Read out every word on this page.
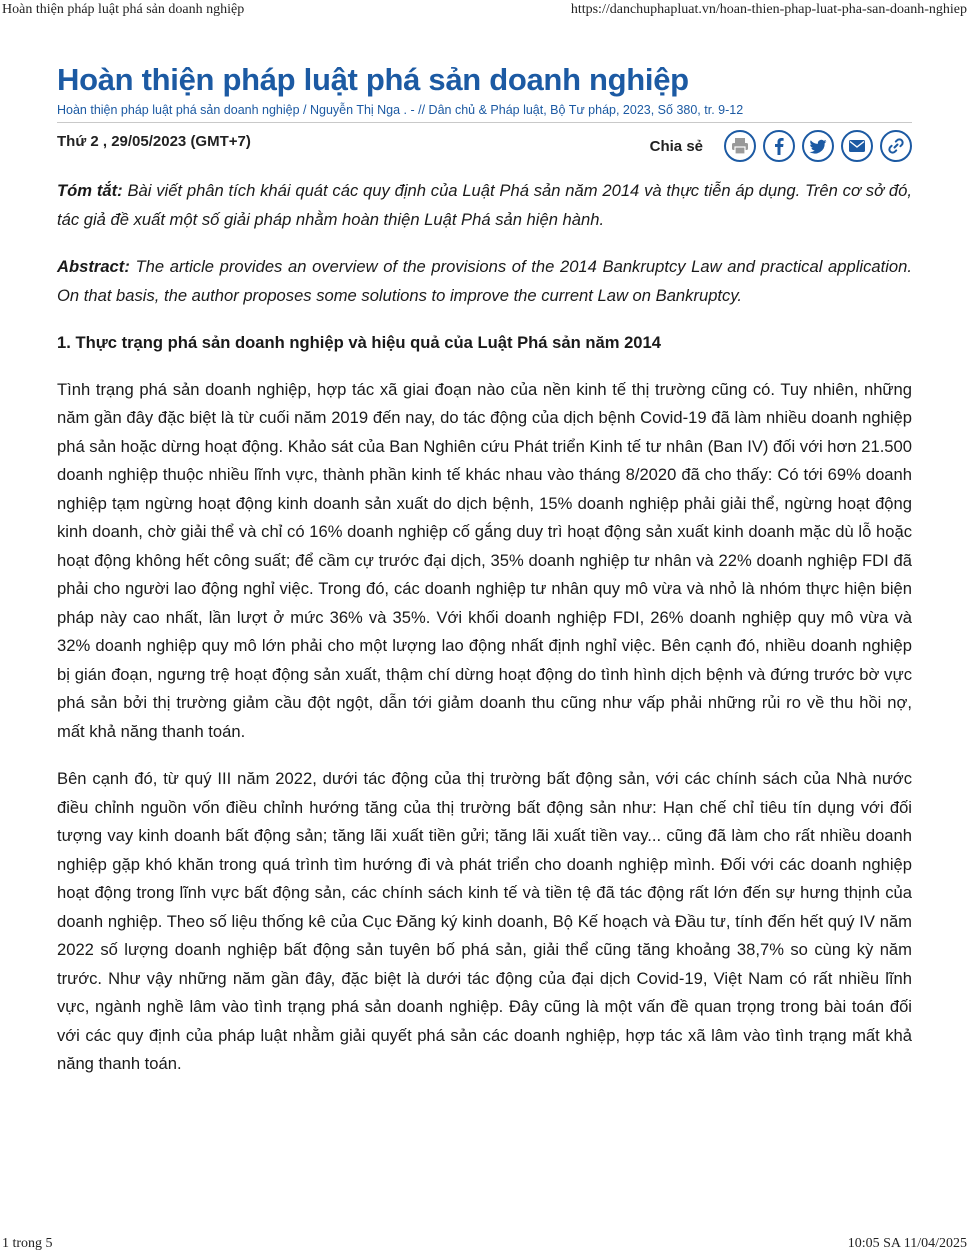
Hoàn thiện pháp luật phá sản doanh nghiệp	https://danchuphapluat.vn/hoan-thien-phap-luat-pha-san-doanh-nghiep
Hoàn thiện pháp luật phá sản doanh nghiệp
Hoàn thiện pháp luật phá sản doanh nghiệp / Nguyễn Thị Nga . - // Dân chủ & Pháp luật, Bộ Tư pháp, 2023, Số 380, tr. 9-12
Thứ 2 , 29/05/2023 (GMT+7)	Chia sẻ

Tóm tắt: Bài viết phân tích khái quát các quy định của Luật Phá sản năm 2014 và thực tiễn áp dụng. Trên cơ sở đó, tác giả đề xuất một số giải pháp nhằm hoàn thiện Luật Phá sản hiện hành.

Abstract: The article provides an overview of the provisions of the 2014 Bankruptcy Law and practical application. On that basis, the author proposes some solutions to improve the current Law on Bankruptcy.

1. Thực trạng phá sản doanh nghiệp và hiệu quả của Luật Phá sản năm 2014

Tình trạng phá sản doanh nghiệp, hợp tác xã giai đoạn nào của nền kinh tế thị trường cũng có. Tuy nhiên, những năm gần đây đặc biệt là từ cuối năm 2019 đến nay, do tác động của dịch bệnh Covid-19 đã làm nhiều doanh nghiệp phá sản hoặc dừng hoạt động. Khảo sát của Ban Nghiên cứu Phát triển Kinh tế tư nhân (Ban IV) đối với hơn 21.500 doanh nghiệp thuộc nhiều lĩnh vực, thành phần kinh tế khác nhau vào tháng 8/2020 đã cho thấy: Có tới 69% doanh nghiệp tạm ngừng hoạt động kinh doanh sản xuất do dịch bệnh, 15% doanh nghiệp phải giải thể, ngừng hoạt động kinh doanh, chờ giải thể và chỉ có 16% doanh nghiệp cố gắng duy trì hoạt động sản xuất kinh doanh mặc dù lỗ hoặc hoạt động không hết công suất; để cầm cự trước đại dịch, 35% doanh nghiệp tư nhân và 22% doanh nghiệp FDI đã phải cho người lao động nghỉ việc. Trong đó, các doanh nghiệp tư nhân quy mô vừa và nhỏ là nhóm thực hiện biện pháp này cao nhất, lần lượt ở mức 36% và 35%. Với khối doanh nghiệp FDI, 26% doanh nghiệp quy mô vừa và 32% doanh nghiệp quy mô lớn phải cho một lượng lao động nhất định nghỉ việc. Bên cạnh đó, nhiều doanh nghiệp bị gián đoạn, ngưng trệ hoạt động sản xuất, thậm chí dừng hoạt động do tình hình dịch bệnh và đứng trước bờ vực phá sản bởi thị trường giảm cầu đột ngột, dẫn tới giảm doanh thu cũng như vấp phải những rủi ro về thu hồi nợ, mất khả năng thanh toán.

Bên cạnh đó, từ quý III năm 2022, dưới tác động của thị trường bất động sản, với các chính sách của Nhà nước điều chỉnh nguồn vốn điều chỉnh hướng tăng của thị trường bất động sản như: Hạn chế chỉ tiêu tín dụng với đối tượng vay kinh doanh bất động sản; tăng lãi xuất tiền gửi; tăng lãi xuất tiền vay... cũng đã làm cho rất nhiều doanh nghiệp gặp khó khăn trong quá trình tìm hướng đi và phát triển cho doanh nghiệp mình. Đối với các doanh nghiệp hoạt động trong lĩnh vực bất động sản, các chính sách kinh tế và tiền tệ đã tác động rất lớn đến sự hưng thịnh của doanh nghiệp. Theo số liệu thống kê của Cục Đăng ký kinh doanh, Bộ Kế hoạch và Đầu tư, tính đến hết quý IV năm 2022 số lượng doanh nghiệp bất động sản tuyên bố phá sản, giải thể cũng tăng khoảng 38,7% so cùng kỳ năm trước. Như vậy những năm gần đây, đặc biệt là dưới tác động của đại dịch Covid-19, Việt Nam có rất nhiều lĩnh vực, ngành nghề lâm vào tình trạng phá sản doanh nghiệp. Đây cũng là một vấn đề quan trọng trong bài toán đối với các quy định của pháp luật nhằm giải quyết phá sản các doanh nghiệp, hợp tác xã lâm vào tình trạng mất khả năng thanh toán.

1 trong 5	10:05 SA 11/04/2025
